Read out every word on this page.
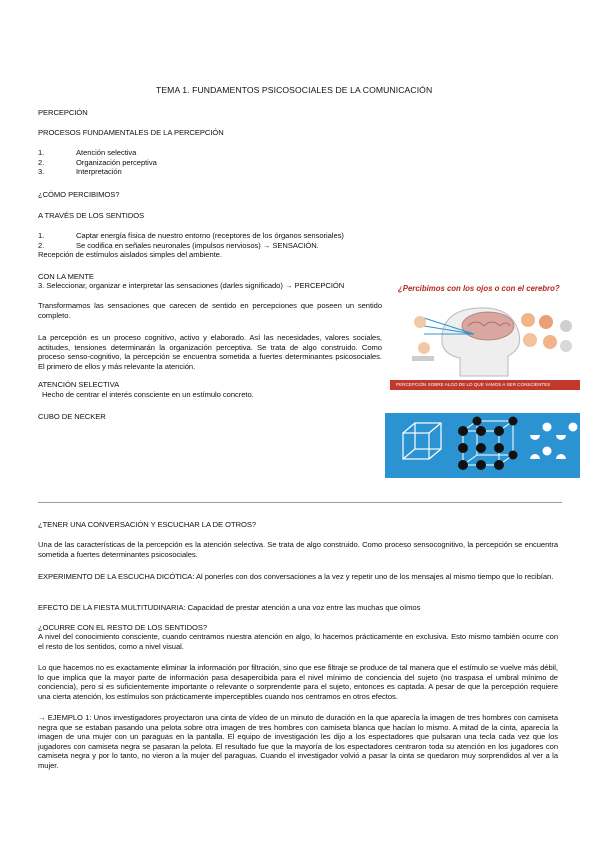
TEMA 1. FUNDAMENTOS PSICOSOCIALES DE LA COMUNICACIÓN
PERCEPCIÓN
PROCESOS FUNDAMENTALES DE LA PERCEPCIÓN
1.	Atención selectiva
2.	Organización perceptiva
3.	Interpretación
¿CÓMO PERCIBIMOS?
A TRAVÉS DE LOS SENTIDOS
1.	Captar energía física de nuestro entorno (receptores de los órganos sensoriales)
2.	Se codifica en señales neuronales (impulsos nerviosos) → SENSACIÓN.
Recepción de estímulos aislados simples del ambiente.
CON LA MENTE
3. Seleccionar, organizar e interpretar las sensaciones (darles significado) → PERCEPCIÓN
Transformamos las sensaciones que carecen de sentido en percepciones que poseen un sentido completo.
La percepción es un proceso cognitivo, activo y elaborado. Así las necesidades, valores sociales, actitudes, tensiones determinarán la organización perceptiva. Se trata de algo construido. Como proceso senso-cognitivo, la percepción se encuentra sometida a fuertes determinantes psicosociales. El primero de ellos y más relevante la atención.
ATENCIÓN SELECTIVA
Hecho de centrar el interés consciente en un estímulo concreto.
CUBO DE NECKER
¿Percibimos con los ojos o con el cerebro?
PERCEPCIÓN SOBRE ALGO DE LO QUE VAMOS A SER CONSCIENTES
¿TENER UNA CONVERSACIÓN Y ESCUCHAR LA DE OTROS?
Una de las características de la percepción es la atención selectiva. Se trata de algo construido. Como proceso sensocognitivo, la percepción se encuentra sometida a fuertes determinantes psicosociales.
EXPERIMENTO DE LA ESCUCHA DICÓTICA: Al ponerles con dos conversaciones a la vez y repetir uno de los mensajes al mismo tiempo que lo recibían.
EFECTO DE LA FIESTA MULTITUDINARIA: Capacidad de prestar atención a una voz entre las muchas que oímos
¿OCURRE CON EL RESTO DE LOS SENTIDOS?
A nivel del conocimiento consciente, cuando centramos nuestra atención en algo, lo hacemos prácticamente en exclusiva. Esto mismo también ocurre con el resto de los sentidos, como a nivel visual.
Lo que hacemos no es exactamente eliminar la información por filtración, sino que ese filtraje se produce de tal manera que el estímulo se vuelve más débil, lo que implica que la mayor parte de información pasa desapercibida para el nivel mínimo de conciencia del sujeto (no traspasa el umbral mínimo de conciencia), pero si es suficientemente importante o relevante o sorprendente para el sujeto, entonces es captada. A pesar de que la percepción requiere una cierta atención, los estímulos son prácticamente imperceptibles cuando nos centramos en otros efectos.
→ EJEMPLO 1: Unos investigadores proyectaron una cinta de vídeo de un minuto de duración en la que aparecía la imagen de tres hombres con camiseta negra que se estaban pasando una pelota sobre otra imagen de tres hombres con camiseta blanca que hacían lo mismo. A mitad de la cinta, aparecía la imagen de una mujer con un paraguas en la pantalla. El equipo de investigación les dijo a los espectadores que pulsaran una tecla cada vez que los jugadores con camiseta negra se pasaran la pelota. El resultado fue que la mayoría de los espectadores centraron toda su atención en los jugadores con camiseta negra y por lo tanto, no vieron a la mujer del paraguas. Cuando el investigador volvió a pasar la cinta se quedaron muy sorprendidos al ver a la mujer.
